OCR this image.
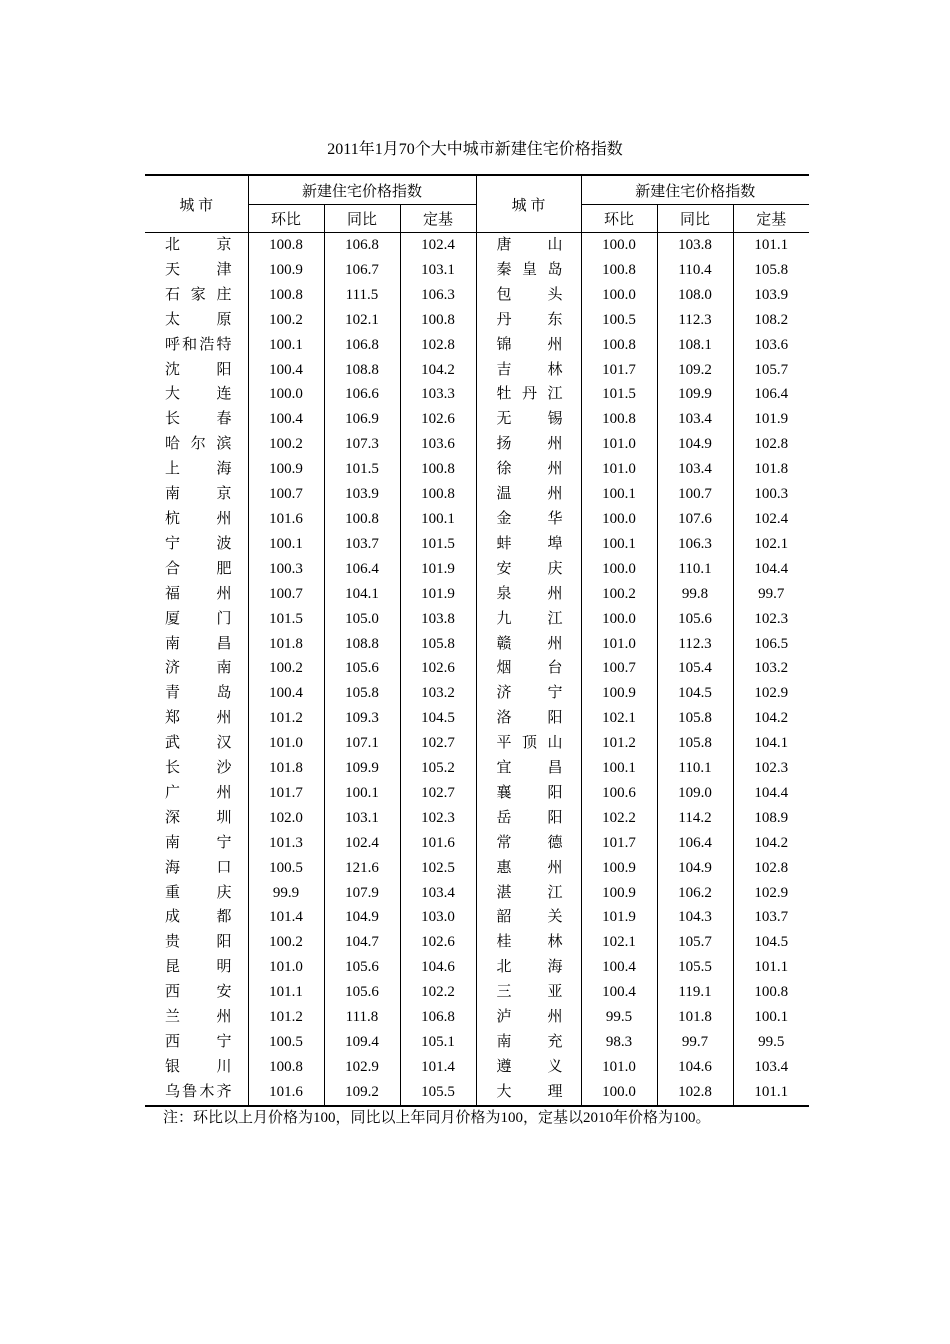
2011年1月70个大中城市新建住宅价格指数
城 市	新建住宅价格指数			城 市	新建住宅价格指数		
	环比	同比	定基		环比	同比	定基
北京	100.8	106.8	102.4	唐山	100.0	103.8	101.1
天津	100.9	106.7	103.1	秦皇岛	100.8	110.4	105.8
石家庄	100.8	111.5	106.3	包头	100.0	108.0	103.9
太原	100.2	102.1	100.8	丹东	100.5	112.3	108.2
呼和浩特	100.1	106.8	102.8	锦州	100.8	108.1	103.6
沈阳	100.4	108.8	104.2	吉林	101.7	109.2	105.7
大连	100.0	106.6	103.3	牡丹江	101.5	109.9	106.4
长春	100.4	106.9	102.6	无锡	100.8	103.4	101.9
哈尔滨	100.2	107.3	103.6	扬州	101.0	104.9	102.8
上海	100.9	101.5	100.8	徐州	101.0	103.4	101.8
南京	100.7	103.9	100.8	温州	100.1	100.7	100.3
杭州	101.6	100.8	100.1	金华	100.0	107.6	102.4
宁波	100.1	103.7	101.5	蚌埠	100.1	106.3	102.1
合肥	100.3	106.4	101.9	安庆	100.0	110.1	104.4
福州	100.7	104.1	101.9	泉州	100.2	99.8	99.7
厦门	101.5	105.0	103.8	九江	100.0	105.6	102.3
南昌	101.8	108.8	105.8	赣州	101.0	112.3	106.5
济南	100.2	105.6	102.6	烟台	100.7	105.4	103.2
青岛	100.4	105.8	103.2	济宁	100.9	104.5	102.9
郑州	101.2	109.3	104.5	洛阳	102.1	105.8	104.2
武汉	101.0	107.1	102.7	平顶山	101.2	105.8	104.1
长沙	101.8	109.9	105.2	宜昌	100.1	110.1	102.3
广州	101.7	100.1	102.7	襄阳	100.6	109.0	104.4
深圳	102.0	103.1	102.3	岳阳	102.2	114.2	108.9
南宁	101.3	102.4	101.6	常德	101.7	106.4	104.2
海口	100.5	121.6	102.5	惠州	100.9	104.9	102.8
重庆	99.9	107.9	103.4	湛江	100.9	106.2	102.9
成都	101.4	104.9	103.0	韶关	101.9	104.3	103.7
贵阳	100.2	104.7	102.6	桂林	102.1	105.7	104.5
昆明	101.0	105.6	104.6	北海	100.4	105.5	101.1
西安	101.1	105.6	102.2	三亚	100.4	119.1	100.8
兰州	101.2	111.8	106.8	泸州	99.5	101.8	100.1
西宁	100.5	109.4	105.1	南充	98.3	99.7	99.5
银川	100.8	102.9	101.4	遵义	101.0	104.6	103.4
乌鲁木齐	101.6	109.2	105.5	大理	100.0	102.8	101.1
注：环比以上月价格为100，同比以上年同月价格为100，定基以2010年价格为100。
